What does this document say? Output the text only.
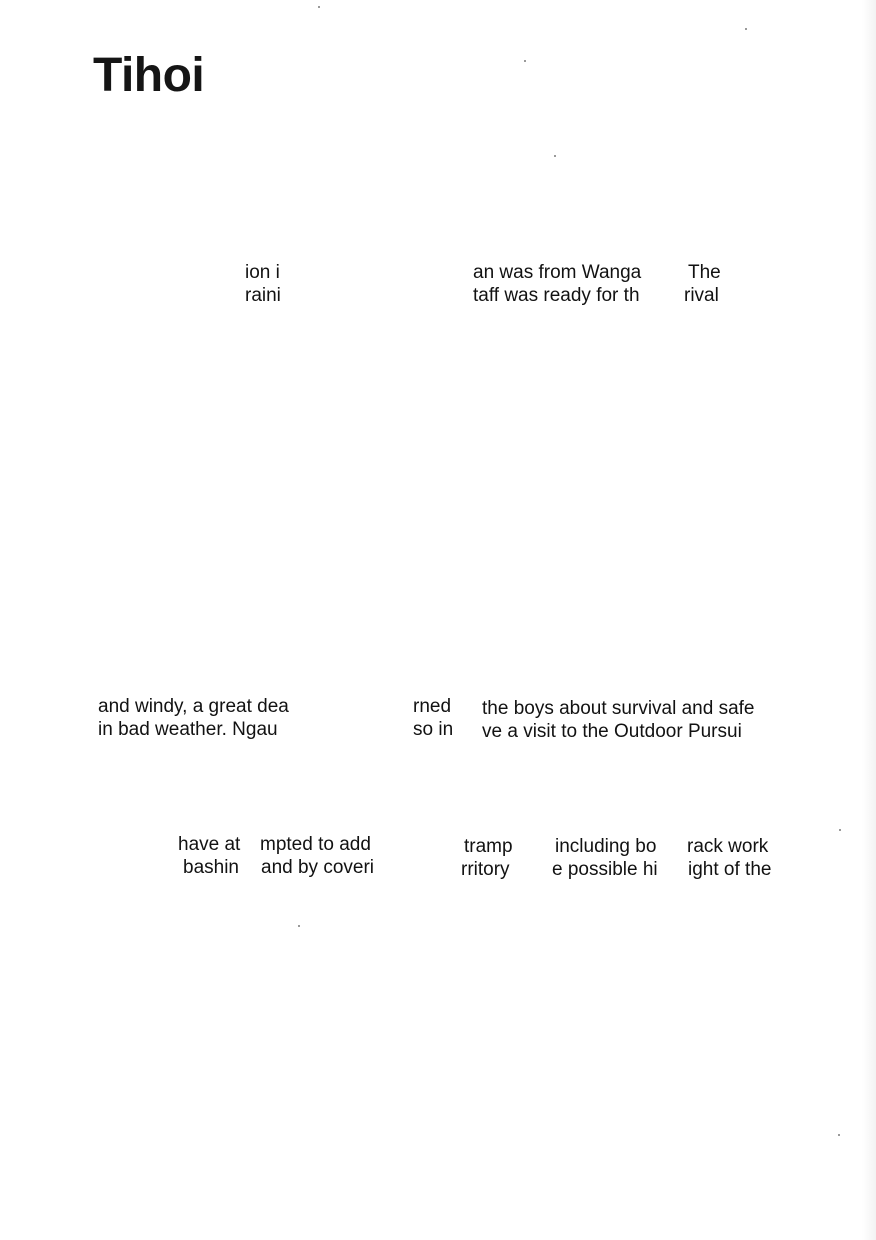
Tihoi
ion i
raini
an was from Wanga
taff was ready for th
The
rival
and windy, a great dea
in bad weather. Ngau
rned
so in
the boys about survival and safe
ve a visit to the Outdoor Pursui
have at
bashin
mpted to add
and by coveri
tramp
rritory
including bo
e possible hi
rack work
ight of the
